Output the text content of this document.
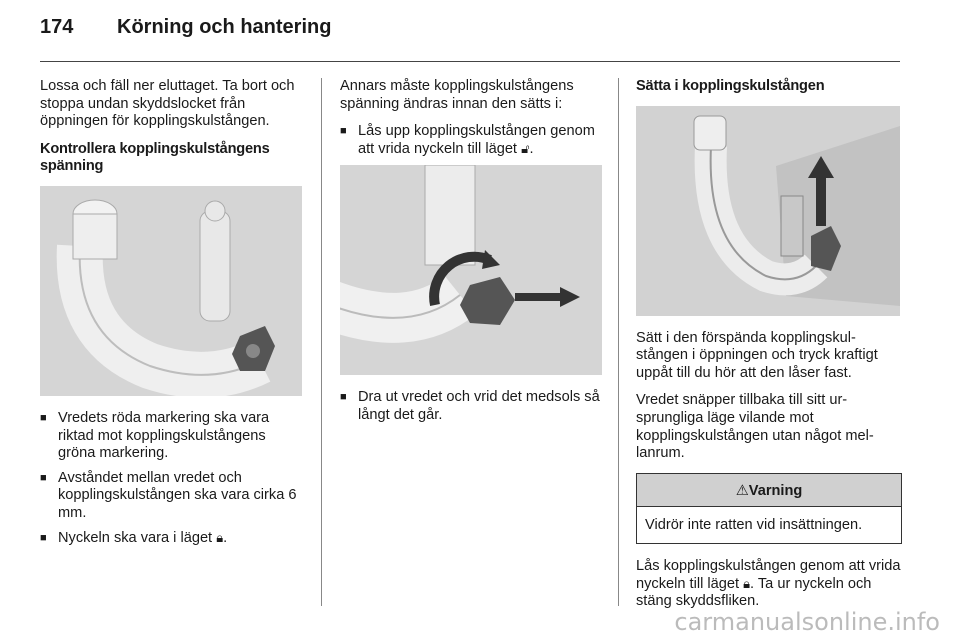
174	Körning och hantering

Lossa och fäll ner eluttaget. Ta bort och stoppa undan skyddslocket från öppningen för kopplingskulstången.

Kontrollera kopplingskulstångens spänning

■ Vredets röda markering ska vara riktad mot kopplingskulstångens gröna markering.
■ Avståndet mellan vredet och kopplingskulstången ska vara cirka 6 mm.
■ Nyckeln ska vara i läget 🔒︎.

Annars måste kopplingskulstångens spänning ändras innan den sätts i:

■ Lås upp kopplingskulstången genom att vrida nyckeln till läget 🔓︎.
■ Dra ut vredet och vrid det medsols så långt det går.

Sätta i kopplingskulstången

Sätt i den förspända kopplingskul-stången i öppningen och tryck kraftigt uppåt till du hör att den låser fast.

Vredet snäpper tillbaka till sitt ur-sprungliga läge vilande mot kopplingskulstången utan något mel-lanrum.

⚠Varning
Vidrör inte ratten vid insättningen.

Lås kopplingskulstången genom att vrida nyckeln till läget 🔒︎. Ta ur nyckeln och stäng skyddsfliken.

carmanualsonline.info
